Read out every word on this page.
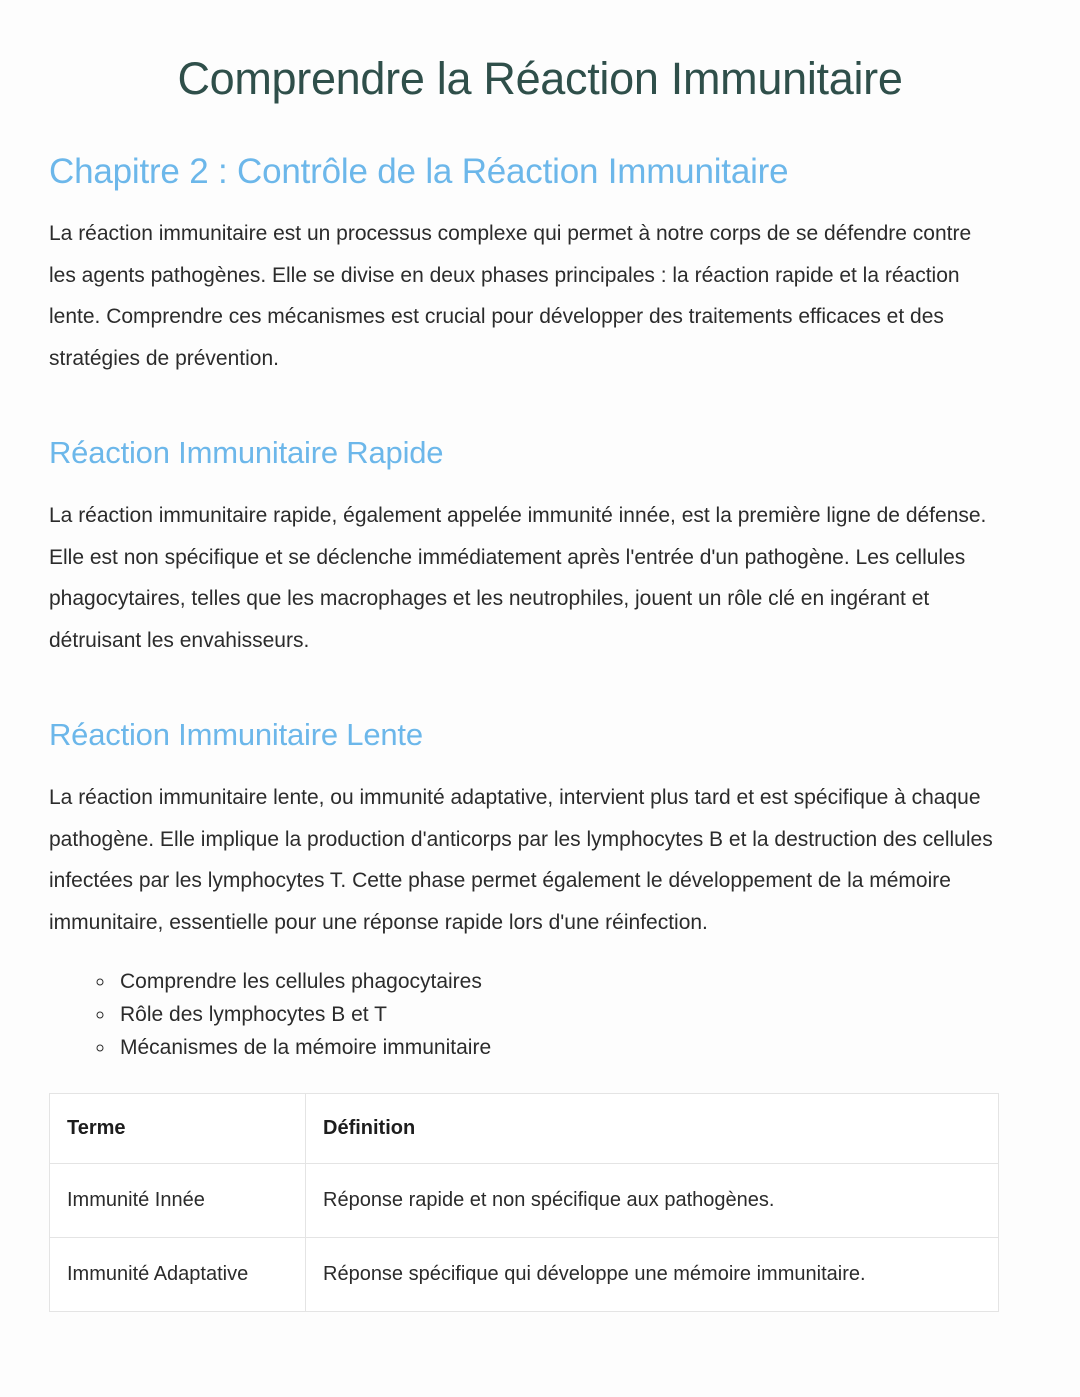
Comprendre la Réaction Immunitaire
Chapitre 2 : Contrôle de la Réaction Immunitaire

La réaction immunitaire est un processus complexe qui permet à notre corps de se défendre contre les agents pathogènes. Elle se divise en deux phases principales : la réaction rapide et la réaction lente. Comprendre ces mécanismes est crucial pour développer des traitements efficaces et des stratégies de prévention.

Réaction Immunitaire Rapide

La réaction immunitaire rapide, également appelée immunité innée, est la première ligne de défense. Elle est non spécifique et se déclenche immédiatement après l'entrée d'un pathogène. Les cellules phagocytaires, telles que les macrophages et les neutrophiles, jouent un rôle clé en ingérant et détruisant les envahisseurs.

Réaction Immunitaire Lente

La réaction immunitaire lente, ou immunité adaptative, intervient plus tard et est spécifique à chaque pathogène. Elle implique la production d'anticorps par les lymphocytes B et la destruction des cellules infectées par les lymphocytes T. Cette phase permet également le développement de la mémoire immunitaire, essentielle pour une réponse rapide lors d'une réinfection.

◦ Comprendre les cellules phagocytaires
◦ Rôle des lymphocytes B et T
◦ Mécanismes de la mémoire immunitaire
Terme	Définition
Immunité Innée	Réponse rapide et non spécifique aux pathogènes.
Immunité Adaptative	Réponse spécifique qui développe une mémoire immunitaire.
